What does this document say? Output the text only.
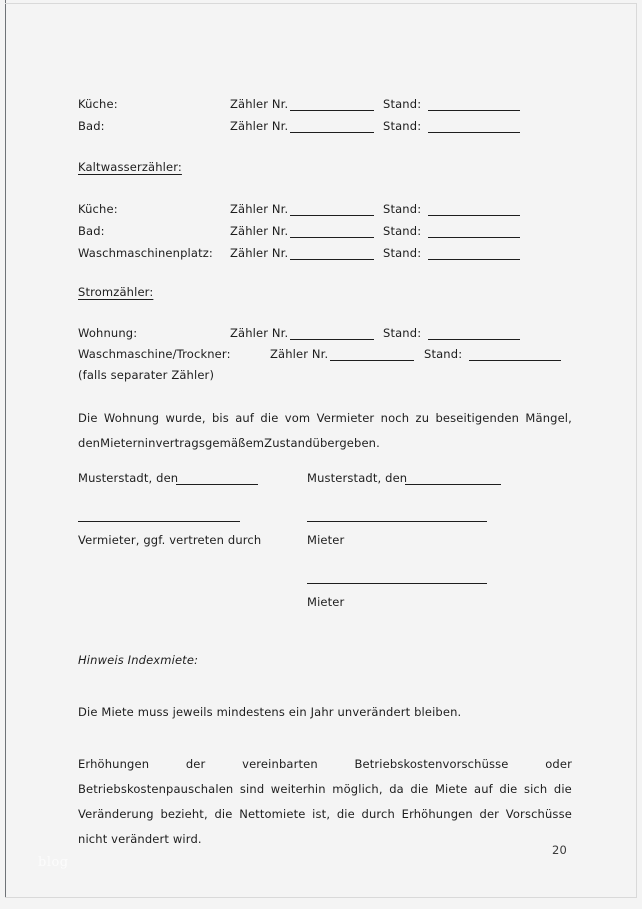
Küche:	Zähler Nr.	Stand:
Bad:	Zähler Nr.	Stand:
Kaltwasserzähler:
Küche:	Zähler Nr.	Stand:
Bad:	Zähler Nr.	Stand:
Waschmaschinenplatz: Zähler Nr.	Stand:
Stromzähler:
Wohnung:	Zähler Nr.	Stand:
Waschmaschine/Trockner:	Zähler Nr.	Stand:
(falls separater Zähler)
Die Wohnung wurde, bis auf die vom Vermieter noch zu beseitigenden Mängel,
denMieterninvertragsgemäßemZustandübergeben.
Musterstadt, den	Musterstadt, den
Vermieter, ggf. vertreten durch	Mieter
Mieter
Hinweis Indexmiete:
Die Miete muss jeweils mindestens ein Jahr unverändert bleiben.
Erhöhungen	der	vereinbarten	Betriebskostenvorschüsse	oder
Betriebskostenpauschalen sind weiterhin möglich, da die Miete auf die sich die
Veränderung bezieht, die Nettomiete ist, die durch Erhöhungen der Vorschüsse
nicht verändert wird.
20
blog
